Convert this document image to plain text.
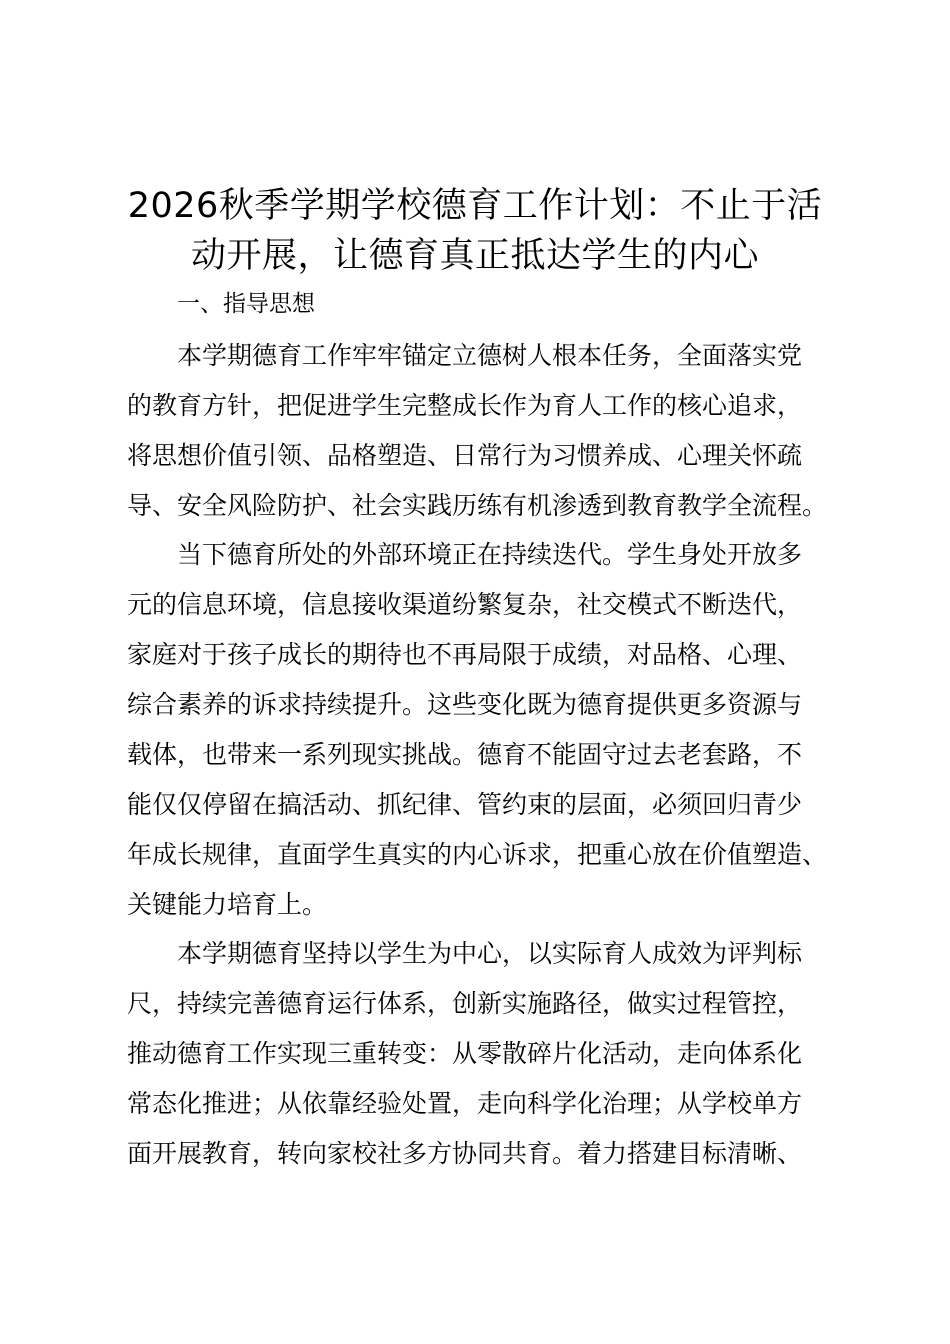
2026秋季学期学校德育工作计划：不止于活
动开展，让德育真正抵达学生的内心
一、指导思想
本学期德育工作牢牢锚定立德树人根本任务，全面落实党
的教育方针，把促进学生完整成长作为育人工作的核心追求，
将思想价值引领、品格塑造、日常行为习惯养成、心理关怀疏
导、安全风险防护、社会实践历练有机渗透到教育教学全流程。
当下德育所处的外部环境正在持续迭代。学生身处开放多
元的信息环境，信息接收渠道纷繁复杂，社交模式不断迭代，
家庭对于孩子成长的期待也不再局限于成绩，对品格、心理、
综合素养的诉求持续提升。这些变化既为德育提供更多资源与
载体，也带来一系列现实挑战。德育不能固守过去老套路，不
能仅仅停留在搞活动、抓纪律、管约束的层面，必须回归青少
年成长规律，直面学生真实的内心诉求，把重心放在价值塑造、
关键能力培育上。
本学期德育坚持以学生为中心，以实际育人成效为评判标
尺，持续完善德育运行体系，创新实施路径，做实过程管控，
推动德育工作实现三重转变：从零散碎片化活动，走向体系化
常态化推进；从依靠经验处置，走向科学化治理；从学校单方
面开展教育，转向家校社多方协同共育。着力搭建目标清晰、
